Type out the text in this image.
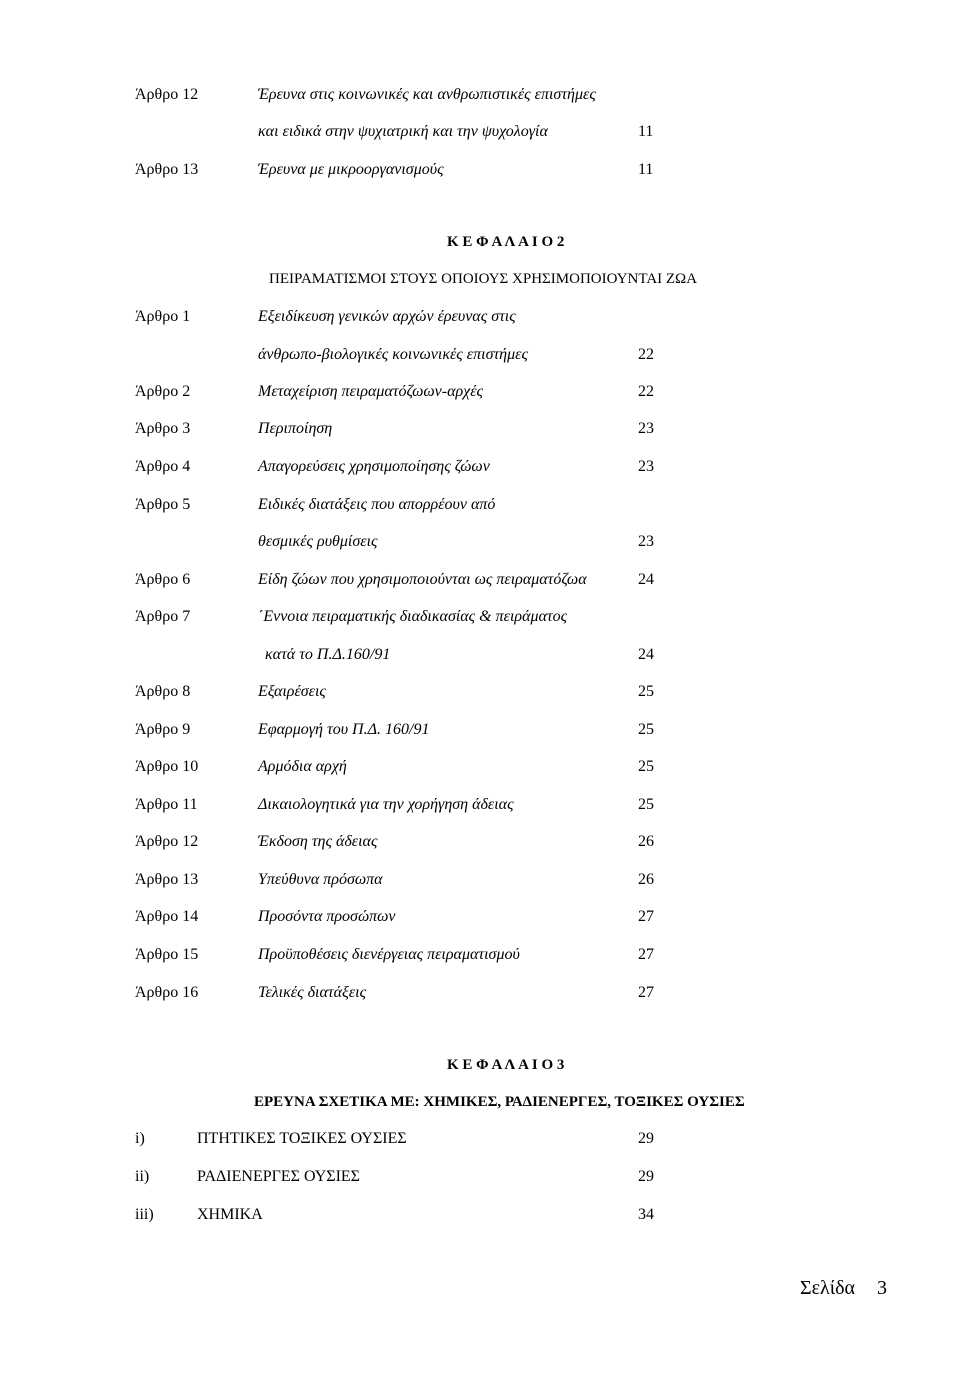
Άρθρο 12	Έρευνα στις κοινωνικές και ανθρωπιστικές επιστήμες
και ειδικά στην ψυχιατρική και την ψυχολογία	11
Άρθρο 13	Έρευνα με μικροοργανισμούς	11
Κ Ε Φ Α Λ Α Ι Ο 2
ΠΕΙΡΑΜΑΤΙΣΜΟΙ ΣΤΟΥΣ ΟΠΟΙΟΥΣ ΧΡΗΣΙΜΟΠΟΙΟΥΝΤΑΙ ΖΩΑ
Άρθρο 1	Εξειδίκευση γενικών αρχών έρευνας στις
άνθρωπο-βιολογικές κοινωνικές επιστήμες	22
Άρθρο 2	Μεταχείριση πειραματόζωων-αρχές	22
Άρθρο 3	Περιποίηση	23
Άρθρο 4	Απαγορεύσεις χρησιμοποίησης ζώων	23
Άρθρο 5	Ειδικές διατάξεις που απορρέουν από
θεσμικές ρυθμίσεις	23
Άρθρο 6	Είδη ζώων που χρησιμοποιούνται ως πειραματόζωα	24
Άρθρο 7	΄Εννοια πειραματικής διαδικασίας & πειράματος
κατά το Π.Δ.160/91	24
Άρθρο 8	Εξαιρέσεις	25
Άρθρο 9	Εφαρμογή του Π.Δ. 160/91	25
Άρθρο 10	Αρμόδια αρχή	25
Άρθρο 11	Δικαιολογητικά για την χορήγηση άδειας	25
Άρθρο 12	Έκδοση της άδειας	26
Άρθρο 13	Υπεύθυνα πρόσωπα	26
Άρθρο 14	Προσόντα προσώπων	27
Άρθρο 15	Προϋποθέσεις διενέργειας πειραματισμού	27
Άρθρο 16	Τελικές διατάξεις	27
Κ Ε Φ Α Λ Α Ι Ο 3
ΕΡΕΥΝΑ ΣΧΕΤΙΚΑ ΜΕ: ΧΗΜΙΚΕΣ, ΡΑΔΙΕΝΕΡΓΕΣ, ΤΟΞΙΚΕΣ ΟΥΣΙΕΣ
i)	ΠΤΗΤΙΚΕΣ ΤΟΞΙΚΕΣ ΟΥΣΙΕΣ	29
ii)	ΡΑΔΙΕΝΕΡΓΕΣ ΟΥΣΙΕΣ	29
iii)	ΧΗΜΙΚΑ	34
Σελίδα 3
